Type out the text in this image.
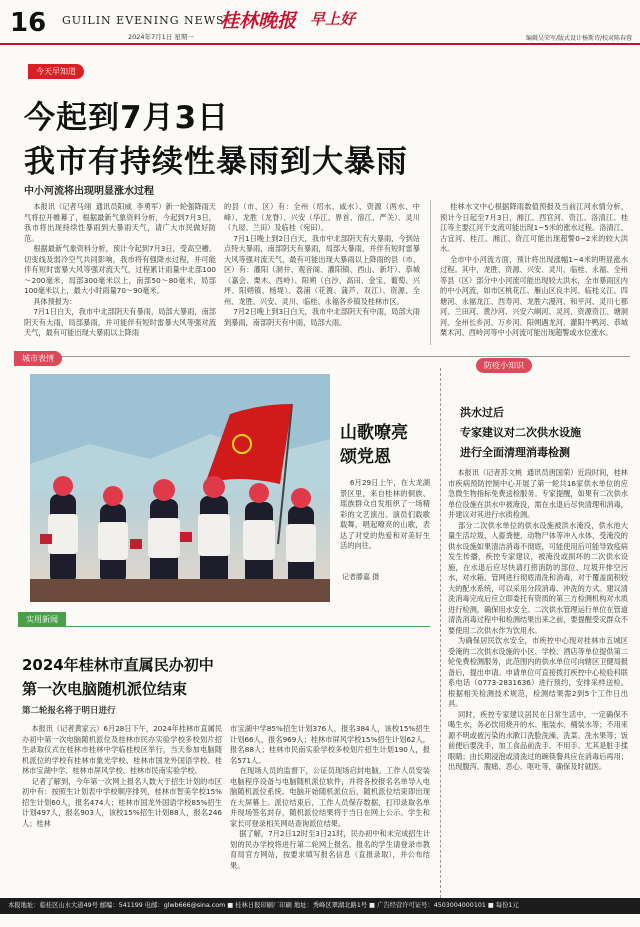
16 GUILIN EVENING NEWS
2024年7月1日 星期一
桂林晚报 早上好
编辑吴荣军/版式设计杨斯诗/校对陈春蓉
今天早知道
今起到7月3日
我市有持续性暴雨到大暴雨
中小河流将出现明显涨水过程
本报讯（记者马翊  通讯员阳威  李勇军）新一轮强降雨天气将拉开帷幕了，根据最新气象资料分析，今起到7月3日，我市将出现持续性暴雨到大暴雨天气，请广大市民做好防范。
根据最新气象资料分析，预计今起到7月3日，受高空槽、切变线及弱冷空气共同影响，我市将有强降水过程，并可能伴有短时雷暴大风等强对流天气，过程累计雨量中北部100～200毫米，局部300毫米以上，南部50～80毫米，局部100毫米以上，最大小时雨量70～90毫米。
具体预报为：
7月1日白天，我市中北部阴天有暴雨，局部大暴雨，南部阴天有大雨，局部暴雨，并可能伴有短时雷暴大风等强对流天气，最有可能出现大暴雨以上降雨
的县（市、区）有：全州（绍水、咸水）、资源（两水、中峰）、龙胜（龙脊）、兴安（华江、界首、溶江、严关）、灵川（九屋、兰田）及临桂（宛田）。
7月1日晚上到2日白天，我市中北部阴天有大暴雨，今到站点特大暴雨，南部阴天有暴雨，局部大暴雨，并伴有短时雷暴大风等强对流天气，最有可能出现大暴雨以上降雨的县（市、区）有：灌阳（洞井、观音阁、灌阳镇、西山、新圩）、恭城（嘉会、栗木、西岭）、阳朔（白沙、高田、金宝、葡萄、兴坪、阳朔镇、杨堤）、荔浦（花篢、蒲芦、双江）、资源、全州、龙胜、兴安、灵川、临桂、永福各乡镇及桂林市区。
7月2日晚上到3日白天，我市中北部阴天有中雨，局部大雨到暴雨，南部阴天有中雨，局部大雨。
桂林水文中心根据降雨数值预报及当前江河水情分析，预计今日起至7月3日，湘江、西官河、资江、洛清江、桂江等主要江河干支流可能出现1~5米的涨水过程。洛清江、古宜河、桂江、湘江、资江可能出现超警0~2米的较大洪水。
全市中小河流方面，预计将出现涨幅1~4米的明显涨水过程。其中，龙胜、资源、兴安、灵川、临桂、永福、全州等县（区）部分中小河流可能出现较大洪水，全市暴雨区内的中小河流，如市区桃花江、雁山区良丰河、临桂义江、四塘河、永福龙江、西寿河、龙胜六漫河、和平河、灵川七都河、兰田河、黄沙河、兴安六峒河、灵河、资源资江、塘洞河、全州长乡河、万乡河、阳朔遇龙河、灌阳牛鸭河、恭城栗木河、西岭河等中小河流可能出现超警或水位涨水。
城市表情
防疫小知识
山歌嘹亮
颂党恩
6月29日上午，在大龙湖景区里，来自桂林的侗族、瑶族群众自发组织了一场精彩的文艺演出。演员们载歌载舞，唱起嘹亮的山歌，表达了对党的热爱和对美好生活的向往。
记者滕嘉 摄
洪水过后
专家建议对二次供水设施
进行全面清理消毒检测
本报讯（记者苏文桃  通讯员唐国荣）近段时间，桂林市疾病预防控制中心开展了第一轮共16家供水单位的应急微生物指标免费送检服务。专家提醒，如果有二次供水单位设施在洪水中被淹没，需在水退后尽快清理和消毒，并建议对其进行水质检测。
部分二次供水单位的供水设施被洪水淹没，供水池大量生活垃圾、人畜粪便、动物尸体等冲入水体，受淹没的供水设施如果清洁消毒不彻底，可能使用后可能导致疫病发生传播，疾控专家建议，被淹没或损坏的二次供水设施，在水退后应尽快请打捞消防的部位、垃圾开排空污水，对水箱、管网进行彻底清洗和消毒，对于覆盖面积较大的配水系统，可以采用分段消毒、冲洗的方式。建议清洗消毒完成后应立即委托有资质的第三方检测机构对水质进行检测，确保用水安全。二次供水管理运行单位在管道清洗消毒过程中和检测结果出来之前，要提醒受灾群众不要使用二次供水作为饮用水。
为确保居民饮水安全，市疾控中心现对桂林市五城区受淹的二次供水设施的小区、学校、酒店等单位提供第二轮免费检测服务，此范围内的供水单位可向辖区卫健局报备后，提出申请。申请单位可直接拨打疾控中心检验科联系电话（0773-2831636）进行预约，安排采样送检。根据相关检测技术规范，检测结果需2到5个工作日出具。
同时，疾控专家建议居民在日常生活中，一定确保不喝生水，务必饮用烧开的水、瓶装水、桶装水等；不用来源不明或被污染的水漱口洗脸洗澡、洗菜、洗水果等；饭前便后要洗手，加工食品前洗手。不用手、尤其是脏手揉眼睛；由长期浸泡或清洗过的碗筷餐具应在消毒后再用；出现腹泻、腹痛、恶心、呕吐等，确保及时就医。
实用新闻
2024年桂林市直属民办初中
第一次电脑随机派位结束
第二轮报名将于明日进行
本报讯（记者黄家云）6月28日下午，2024年桂林市直属民办初中第一次电脑随机派位及桂林市民办实验学校多校划片招生录取仪式在桂林市桂林中学临桂校区举行，当天参加电脑随机派位的学校有桂林市象光学校、桂林市国龙外国语学校、桂林市宝湖中学、桂林市屏风学校、桂林市民南实验学校。
记者了解到，今年第一次网上报名人数大于招生计划的市区初中有：按照生计划表中学校顺序排列，桂林市智美学校15%招生计划60人，报名474人；桂林市国龙外国语学校85%招生计划497人，报名903人，该校15%招生计划88人，报名246人；桂林
市宝湖中学85%招生计划376人，报名384人，该校15%招生计划66人，报名969人；桂林市屏风学校15%招生计划62人，报名88人；桂林市民南实验学校多校划片招生计划190人，报名571人。
在现场人员的监督下，公证员现场启封电脑，工作人员安装电脑程序设备与电脑随机派位软件，并将各校报名名单导入电脑随机派位系统。电脑开始随机派位后，随机派位结束即出现在大屏幕上。派位结束后，工作人员保存数据，打印录取名单并现场签名封存，随机派位结果将于当日在网上公示。学生和家长可登录相关网站查询派位结果。
据了解，7月2日12时至3日21时，民办初中和未完成招生计划的民办学校将进行第二轮网上报名。报名的学生请登录市教育局官方网站，按要求填写报名信息（直报录取），并公布结果。
本报地址：临桂区山水大道49号 邮编：541199 电邮：glwb666@sina.com ■ 桂林日报印刷厂印刷 地址：秀峰区翠湖北路1号 ■ 广告经营许可证号：4503004000101 ■ 每份1元
